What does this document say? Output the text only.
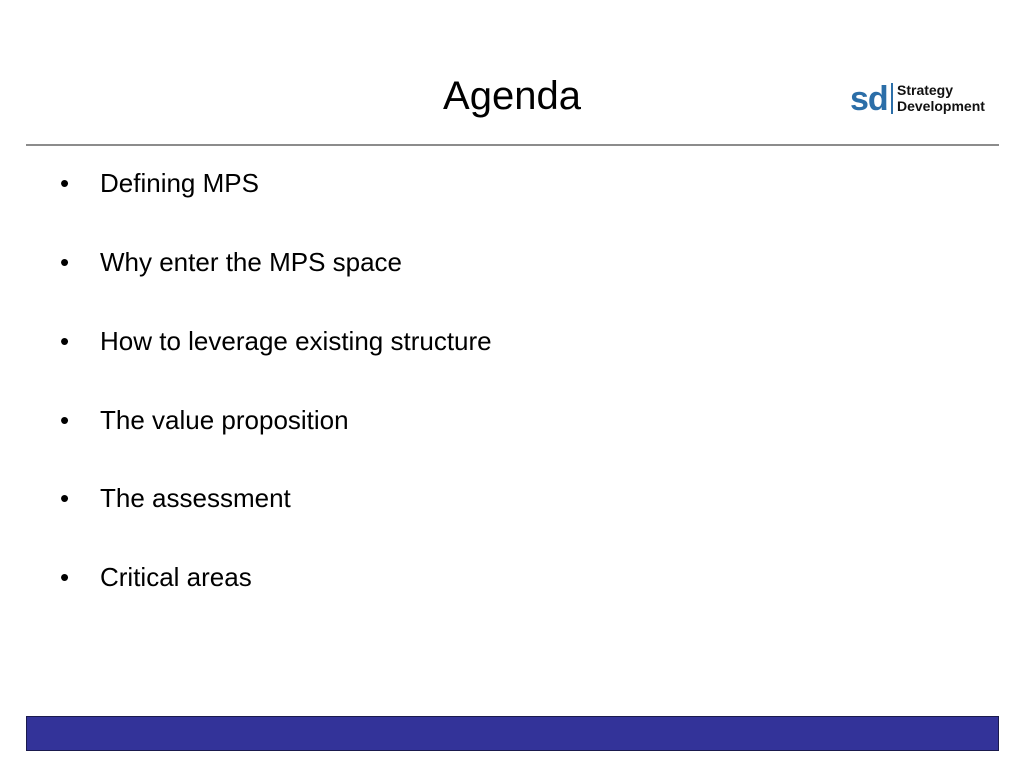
Agenda	sd Strategy
Development
• Defining MPS
• Why enter the MPS space
• How to leverage existing structure
• The value proposition
• The assessment
• Critical areas
